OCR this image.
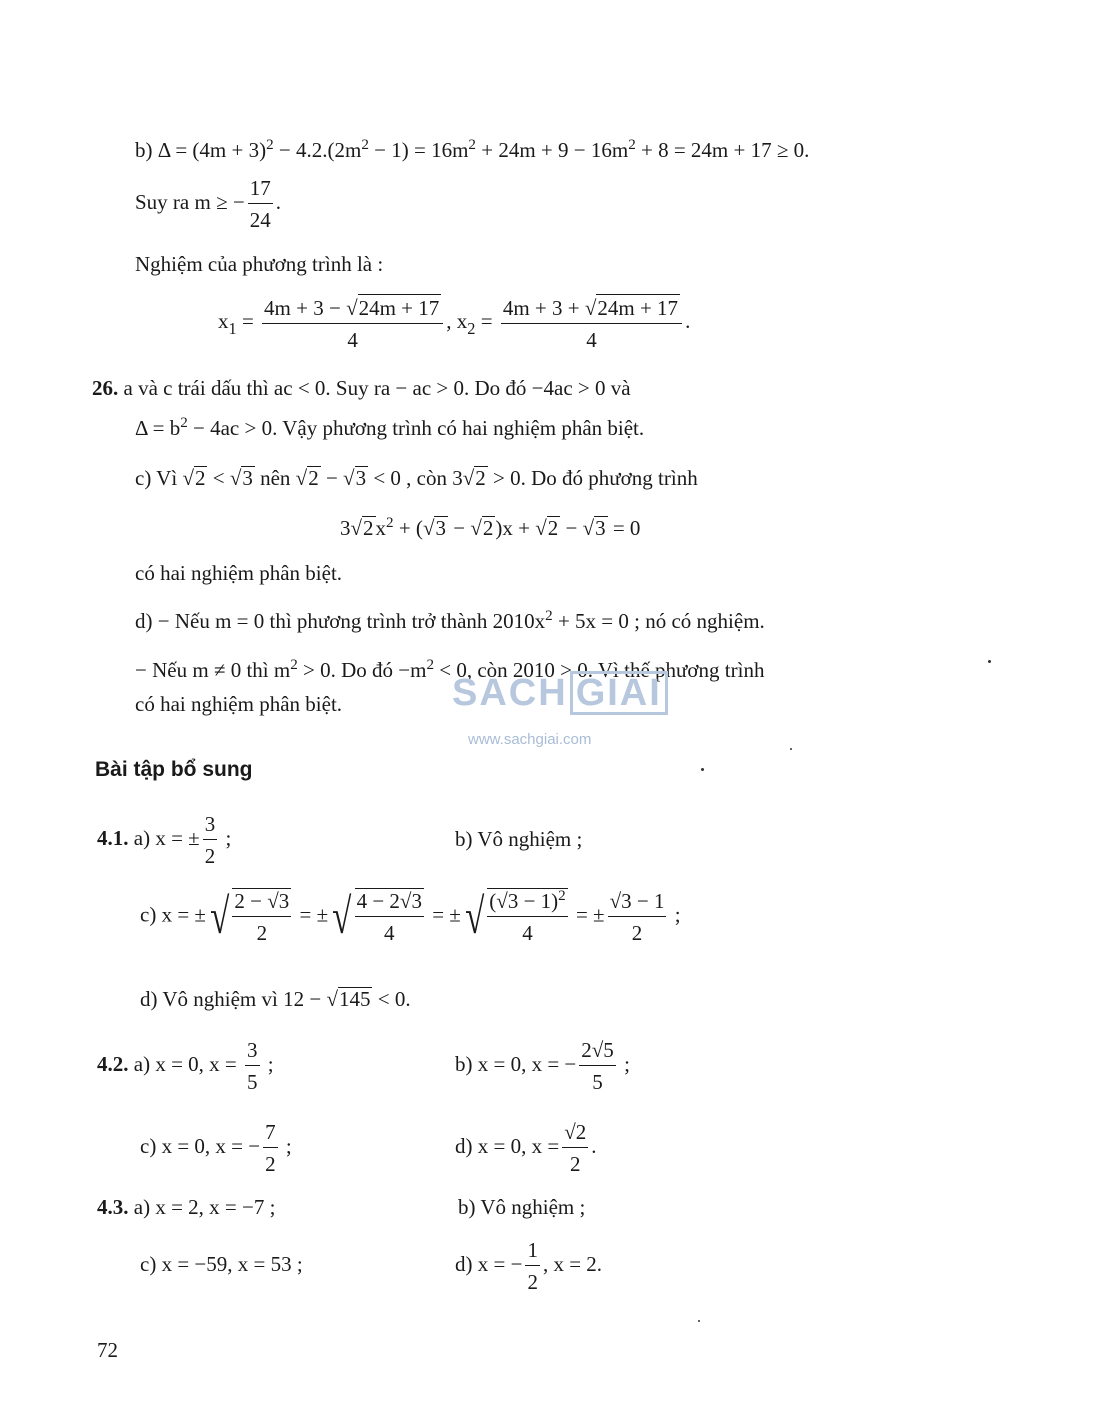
b) $\Delta = (4m + 3)^2 - 4.2.(2m^2 - 1) = 16m^2 + 24m + 9 - 16m^2 + 8 = 24m + 17 \ge 0$.
Suy ra m ≥ − $\frac{17}{24}$ .
Nghiệm của phương trình là :
$x_1 = \frac{4m + 3 - √24m + 17}{4}$ , $x_2 = \frac{4m + 3 + √24m + 17}{4}$ .
26. a và c trái dấu thì ac < 0. Suy ra − ac > 0. Do đó −4ac > 0 và
$\Delta = b^2 - 4ac > 0$. Vậy phương trình có hai nghiệm phân biệt.
c) Vì √2 < √3 nên √2 − √3 < 0 , còn 3√2 > 0. Do đó phương trình
$3√2x^2 + (√3 - √2)x + √2 - √3 = 0$
có hai nghiệm phân biệt.
d) − Nếu m = 0 thì phương trình trở thành $2010x^2 + 5x = 0$ ; nó có nghiệm.
− Nếu m ≠ 0 thì $m^2 > 0$. Do đó $-m^2 < 0$, còn 2010 > 0. Vì thế phương trình
có hai nghiệm phân biệt.	SACH GIAI
www.sachgiai.com
Bài tập bổ sung
4.1. a) x = ± $\frac{3}{2}$ ;	b) Vô nghiệm ;
c) x = ±√ $\frac{2 - √3}{2}$ = ±√ $\frac{4 - 2√3}{4}$ = ±√ $\frac{(√3 - 1)^2}{4}$ = ± $\frac{√3 - 1}{2}$ ;
d) Vô nghiệm vì 12 − √145 < 0.
4.2. a) x = 0, $x = \frac{3}{5}$ ;	b) x = 0, x = − $\frac{2√5}{5}$ ;
c) x = 0, x = − $\frac{7}{2}$ ;	d) x = 0, $x = \frac{√2}{2}$ .
4.3. a) x = 2, x = −7 ;	b) Vô nghiệm ;
c) x = −59, x = 53 ;	d) x = − $\frac{1}{2}$ , x = 2.
72
